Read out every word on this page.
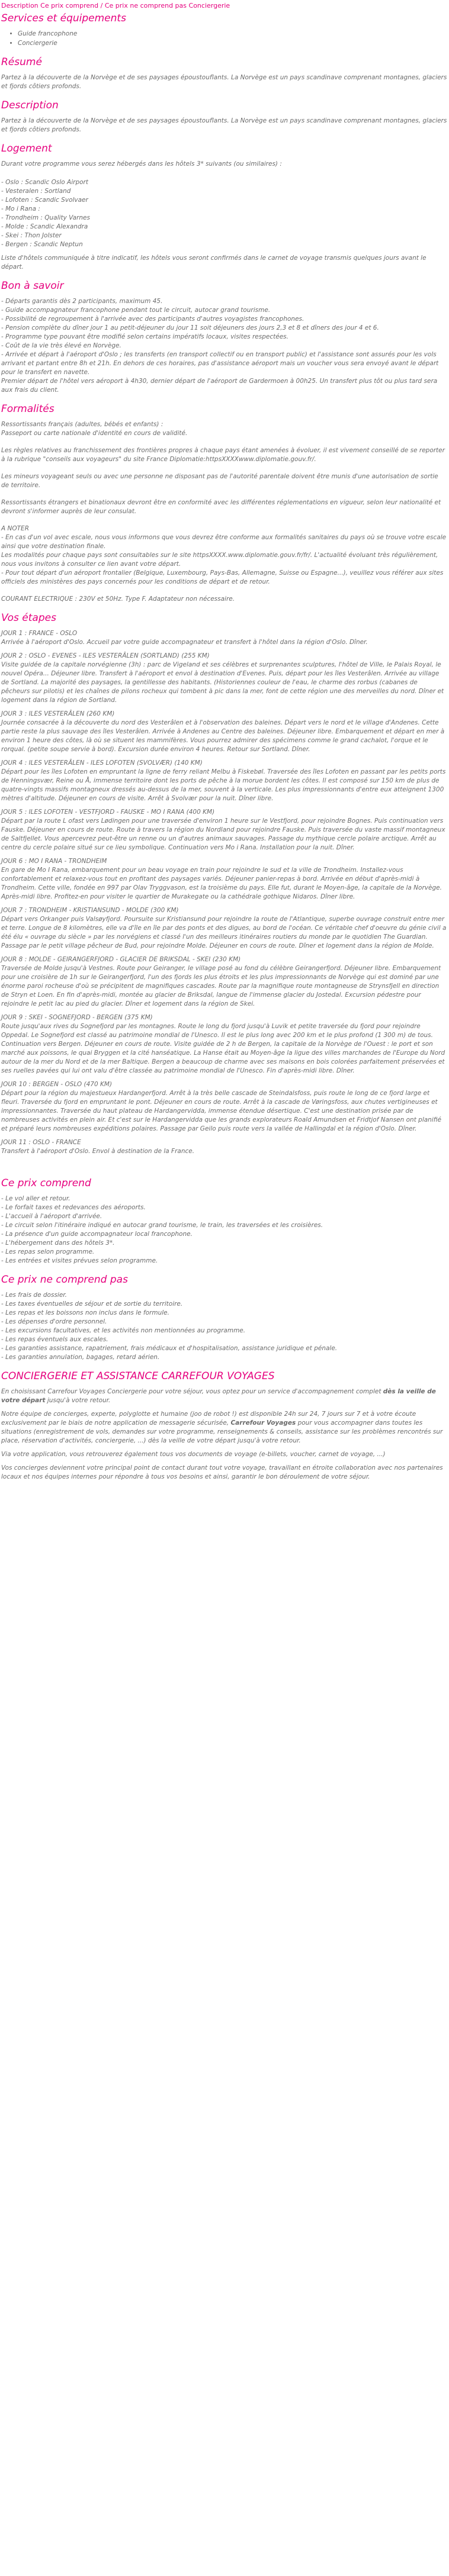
Description Ce prix comprend / Ce prix ne comprend pas Conciergerie
Services et équipements
• Guide francophone
• Conciergerie
Résumé

Partez à la découverte de la Norvège et de ses paysages époustouflants. La Norvège est un pays scandinave comprenant montagnes, glaciers et fjords côtiers profonds.

Description

Partez à la découverte de la Norvège et de ses paysages époustouflants. La Norvège est un pays scandinave comprenant montagnes, glaciers et fjords côtiers profonds.

Logement

Durant votre programme vous serez hébergés dans les hôtels 3* suivants (ou similaires) :

- Oslo : Scandic Oslo Airport
- Vesteralen : Sortland
- Lofoten : Scandic Svolvaer
- Mo i Rana :
- Trondheim : Quality Varnes
- Molde : Scandic Alexandra
- Skei : Thon Jolster
- Bergen : Scandic Neptun

Liste d'hôtels communiquée à titre indicatif, les hôtels vous seront confirmés dans le carnet de voyage transmis quelques jours avant le départ.

Bon à savoir
- Départs garantis dès 2 participants, maximum 45.
- Guide accompagnateur francophone pendant tout le circuit, autocar grand tourisme.
- Possibilité de regroupement à l'arrivée avec des participants d'autres voyagistes francophones.
- Pension complète du dîner jour 1 au petit-déjeuner du jour 11 soit déjeuners des jours 2,3 et 8 et dîners des jour 4 et 6.
- Programme type pouvant être modifié selon certains impératifs locaux, visites respectées.
- Coût de la vie très élevé en Norvège.
- Arrivée et départ à l'aéroport d'Oslo ; les transferts (en transport collectif ou en transport public) et l'assistance sont assurés pour les vols arrivant et partant entre 8h et 21h. En dehors de ces horaires, pas d'assistance aéroport mais un voucher vous sera envoyé avant le départ pour le transfert en navette.
Premier départ de l'hôtel vers aéroport à 4h30, dernier départ de l'aéroport de Gardermoen à 00h25. Un transfert plus tôt ou plus tard sera aux frais du client.
Formalités
Ressortissants français (adultes, bébés et enfants) :
Passeport ou carte nationale d'identité en cours de validité.
Les règles relatives au franchissement des frontières propres à chaque pays étant amenées à évoluer, il est vivement conseillé de se reporter à la rubrique "conseils aux voyageurs" du site France Diplomatie:httpsXXXXwww.diplomatie.gouv.fr/.
Les mineurs voyageant seuls ou avec une personne ne disposant pas de l'autorité parentale doivent être munis d'une autorisation de sortie de territoire.
Ressortissants étrangers et binationaux devront être en conformité avec les différentes réglementations en vigueur, selon leur nationalité et devront s'informer auprès de leur consulat.
A NOTER
- En cas d'un vol avec escale, nous vous informons que vous devrez être conforme aux formalités sanitaires du pays où se trouve votre escale ainsi que votre destination finale.
Les modalités pour chaque pays sont consultables sur le site httpsXXXX.www.diplomatie.gouv.fr/fr/. L'actualité évoluant très régulièrement, nous vous invitons à consulter ce lien avant votre départ.
- Pour tout départ d'un aéroport frontalier (Belgique, Luxembourg, Pays-Bas, Allemagne, Suisse ou Espagne...), veuillez vous référer aux sites officiels des ministères des pays concernés pour les conditions de départ et de retour.
COURANT ELECTRIQUE : 230V et 50Hz. Type F. Adaptateur non nécessaire.
Vos étapes
JOUR 1 : FRANCE - OSLO

Arrivée à l'aéroport d'Oslo. Accueil par votre guide accompagnateur et transfert à l'hôtel dans la région d'Oslo. Dîner.

JOUR 2 : OSLO - EVENES - ILES VESTERÂLEN (SORTLAND) (255 KM)

Visite guidée de la capitale norvégienne (3h) : parc de Vigeland et ses célèbres et surprenantes sculptures, l'hôtel de Ville, le Palais Royal, le nouvel Opéra... Déjeuner libre. Transfert à l'aéroport et envol à destination d'Evenes. Puis, départ pour les îles Vesterâlen. Arrivée au village de Sortland. La majorité des paysages, la gentillesse des habitants. (Historiennes couleur de l'eau, le charme des rorbus (cabanes de pêcheurs sur pilotis) et les chaînes de pilons rocheux qui tombent à pic dans la mer, font de cette région une des merveilles du nord. Dîner et logement dans la région de Sortland.

JOUR 3 : ILES VESTERÂLEN (260 KM)

Journée consacrée à la découverte du nord des Vesterâlen et à l'observation des baleines. Départ vers le nord et le village d'Andenes. Cette partie reste la plus sauvage des îles Vesterâlen. Arrivée à Andenes au Centre des baleines. Déjeuner libre. Embarquement et départ en mer à environ 1 heure des côtes, là où se situent les mammifères. Vous pourrez admirer des spécimens comme le grand cachalot, l'orque et le rorqual. (petite soupe servie à bord). Excursion durée environ 4 heures. Retour sur Sortland. Dîner.

JOUR 4 : ILES VESTERÂLEN - ILES LOFOTEN (SVOLVÆR) (140 KM)

Départ pour les îles Lofoten en empruntant la ligne de ferry reliant Melbu à Fiskebøl. Traversée des îles Lofoten en passant par les petits ports de Henningsvær, Reine ou Å, immense territoire dont les ports de pêche à la morue bordent les côtes. Il est composé sur 150 km de plus de quatre-vingts massifs montagneux dressés au-dessus de la mer, souvent à la verticale. Les plus impressionnants d'entre eux atteignent 1300 mètres d'altitude. Déjeuner en cours de visite. Arrêt à Svolvær pour la nuit. Dîner libre.

JOUR 5 : ILES LOFOTEN - VESTFJORD - FAUSKE - MO I RANA (400 KM)

Départ par la route L ofast vers Lødingen pour une traversée d'environ 1 heure sur le Vestfjord, pour rejoindre Bognes. Puis continuation vers Fauske. Déjeuner en cours de route. Route à travers la région du Nordland pour rejoindre Fauske. Puis traversée du vaste massif montagneux de Saltfjellet. Vous apercevrez peut-être un renne ou un d'autres animaux sauvages. Passage du mythique cercle polaire arctique. Arrêt au centre du cercle polaire situé sur ce lieu symbolique. Continuation vers Mo i Rana. Installation pour la nuit. Dîner.

JOUR 6 : MO I RANA - TRONDHEIM

En gare de Mo I Rana, embarquement pour un beau voyage en train pour rejoindre le sud et la ville de Trondheim. Installez-vous confortablement et relaxez-vous tout en profitant des paysages variés. Déjeuner panier-repas à bord. Arrivée en début d'après-midi à Trondheim. Cette ville, fondée en 997 par Olav Tryggvason, est la troisième du pays. Elle fut, durant le Moyen-âge, la capitale de la Norvège. Après-midi libre. Profitez-en pour visiter le quartier de Murakegate ou la cathédrale gothique Nidaros. Dîner libre.

JOUR 7 : TRONDHEIM - KRISTIANSUND - MOLDE (300 KM)

Départ vers Orkanger puis Valsøyfjord. Poursuite sur Kristiansund pour rejoindre la route de l'Atlantique, superbe ouvrage construit entre mer et terre. Longue de 8 kilomètres, elle va d'île en île par des ponts et des digues, au bord de l'océan. Ce véritable chef d'oeuvre du génie civil a été élu « ouvrage du siècle » par les norvégiens et classé l'un des meilleurs itinéraires routiers du monde par le quotidien The Guardian. Passage par le petit village pêcheur de Bud, pour rejoindre Molde. Déjeuner en cours de route. Dîner et logement dans la région de Molde.

JOUR 8 : MOLDE - GEIRANGERFJORD - GLACIER DE BRIKSDAL - SKEI (230 KM)

Traversée de Molde jusqu'à Vestnes. Route pour Geiranger, le village posé au fond du célèbre Geirangerfjord. Déjeuner libre. Embarquement pour une croisière de 1h sur le Geirangerfjord, l'un des fjords les plus étroits et les plus impressionnants de Norvège qui est dominé par une énorme paroi rocheuse d'où se précipitent de magnifiques cascades. Route par la magnifique route montagneuse de Strynsfjell en direction de Stryn et Loen. En fin d'après-midi, montée au glacier de Briksdal, langue de l'immense glacier du Jostedal. Excursion pédestre pour rejoindre le petit lac au pied du glacier. Dîner et logement dans la région de Skei.

JOUR 9 : SKEI - SOGNEFJORD - BERGEN (375 KM)

Route jusqu'aux rives du Sognefjord par les montagnes. Route le long du fjord jusqu'à Luvik et petite traversée du fjord pour rejoindre Oppedal. Le Sognefjord est classé au patrimoine mondial de l'Unesco. Il est le plus long avec 200 km et le plus profond (1 300 m) de tous. Continuation vers Bergen. Déjeuner en cours de route. Visite guidée de 2 h de Bergen, la capitale de la Norvège de l'Ouest : le port et son marché aux poissons, le quai Bryggen et la cité hanséatique. La Hanse était au Moyen-âge la ligue des villes marchandes de l'Europe du Nord autour de la mer du Nord et de la mer Baltique. Bergen a beaucoup de charme avec ses maisons en bois colorées parfaitement préservées et ses ruelles pavées qui lui ont valu d'être classée au patrimoine mondial de l'Unesco. Fin d'après-midi libre. Dîner.

JOUR 10 : BERGEN - OSLO (470 KM)

Départ pour la région du majestueux Hardangerfjord. Arrêt à la très belle cascade de Steindalsfoss, puis route le long de ce fjord large et fleuri. Traversée du fjord en empruntant le pont. Déjeuner en cours de route. Arrêt à la cascade de Vøringsfoss, aux chutes vertigineuses et impressionnantes. Traversée du haut plateau de Hardangervidda, immense étendue désertique. C'est une destination prisée par de nombreuses activités en plein air. Et c'est sur le Hardangervidda que les grands explorateurs Roald Amundsen et Fridtjof Nansen ont planifié et préparé leurs nombreuses expéditions polaires. Passage par Geilo puis route vers la vallée de Hallingdal et la région d'Oslo. Dîner.

JOUR 11 : OSLO - FRANCE

Transfert à l'aéroport d'Oslo. Envol à destination de la France.

Ce prix comprend
- Le vol aller et retour.
- Le forfait taxes et redevances des aéroports.
- L'accueil à l'aéroport d'arrivée.
- Le circuit selon l'itinéraire indiqué en autocar grand tourisme, le train, les traversées et les croisières.
- La présence d'un guide accompagnateur local francophone.
- L'hébergement dans des hôtels 3*.
- Les repas selon programme.
- Les entrées et visites prévues selon programme.
Ce prix ne comprend pas
- Les frais de dossier.
- Les taxes éventuelles de séjour et de sortie du territoire.
- Les repas et les boissons non inclus dans le formule.
- Les dépenses d'ordre personnel.
- Les excursions facultatives, et les activités non mentionnées au programme.
- Les repas éventuels aux escales.
- Les garanties assistance, rapatriement, frais médicaux et d'hospitalisation, assistance juridique et pénale.
- Les garanties annulation, bagages, retard aérien.
CONCIERGERIE ET ASSISTANCE CARREFOUR VOYAGES

En choisissant Carrefour Voyages Conciergerie pour votre séjour, vous optez pour un service d'accompagnement complet dès la veille de votre départ jusqu'à votre retour.

Notre équipe de concierges, experte, polyglotte et humaine (joo de robot !) est disponible 24h sur 24, 7 jours sur 7 et à votre écoute exclusivement par le biais de notre application de messagerie sécurisée, Carrefour Voyages pour vous accompagner dans toutes les situations (enregistrement de vols, demandes sur votre programme, renseignements & conseils, assistance sur les problèmes rencontrés sur place, réservation d'activités, conciergerie, ...) dès la veille de votre départ jusqu'à votre retour.

Via votre application, vous retrouverez également tous vos documents de voyage (e-billets, voucher, carnet de voyage, ...)

Vos concierges deviennent votre principal point de contact durant tout votre voyage, travaillant en étroite collaboration avec nos partenaires locaux et nos équipes internes pour répondre à tous vos besoins et ainsi, garantir le bon déroulement de votre séjour.
